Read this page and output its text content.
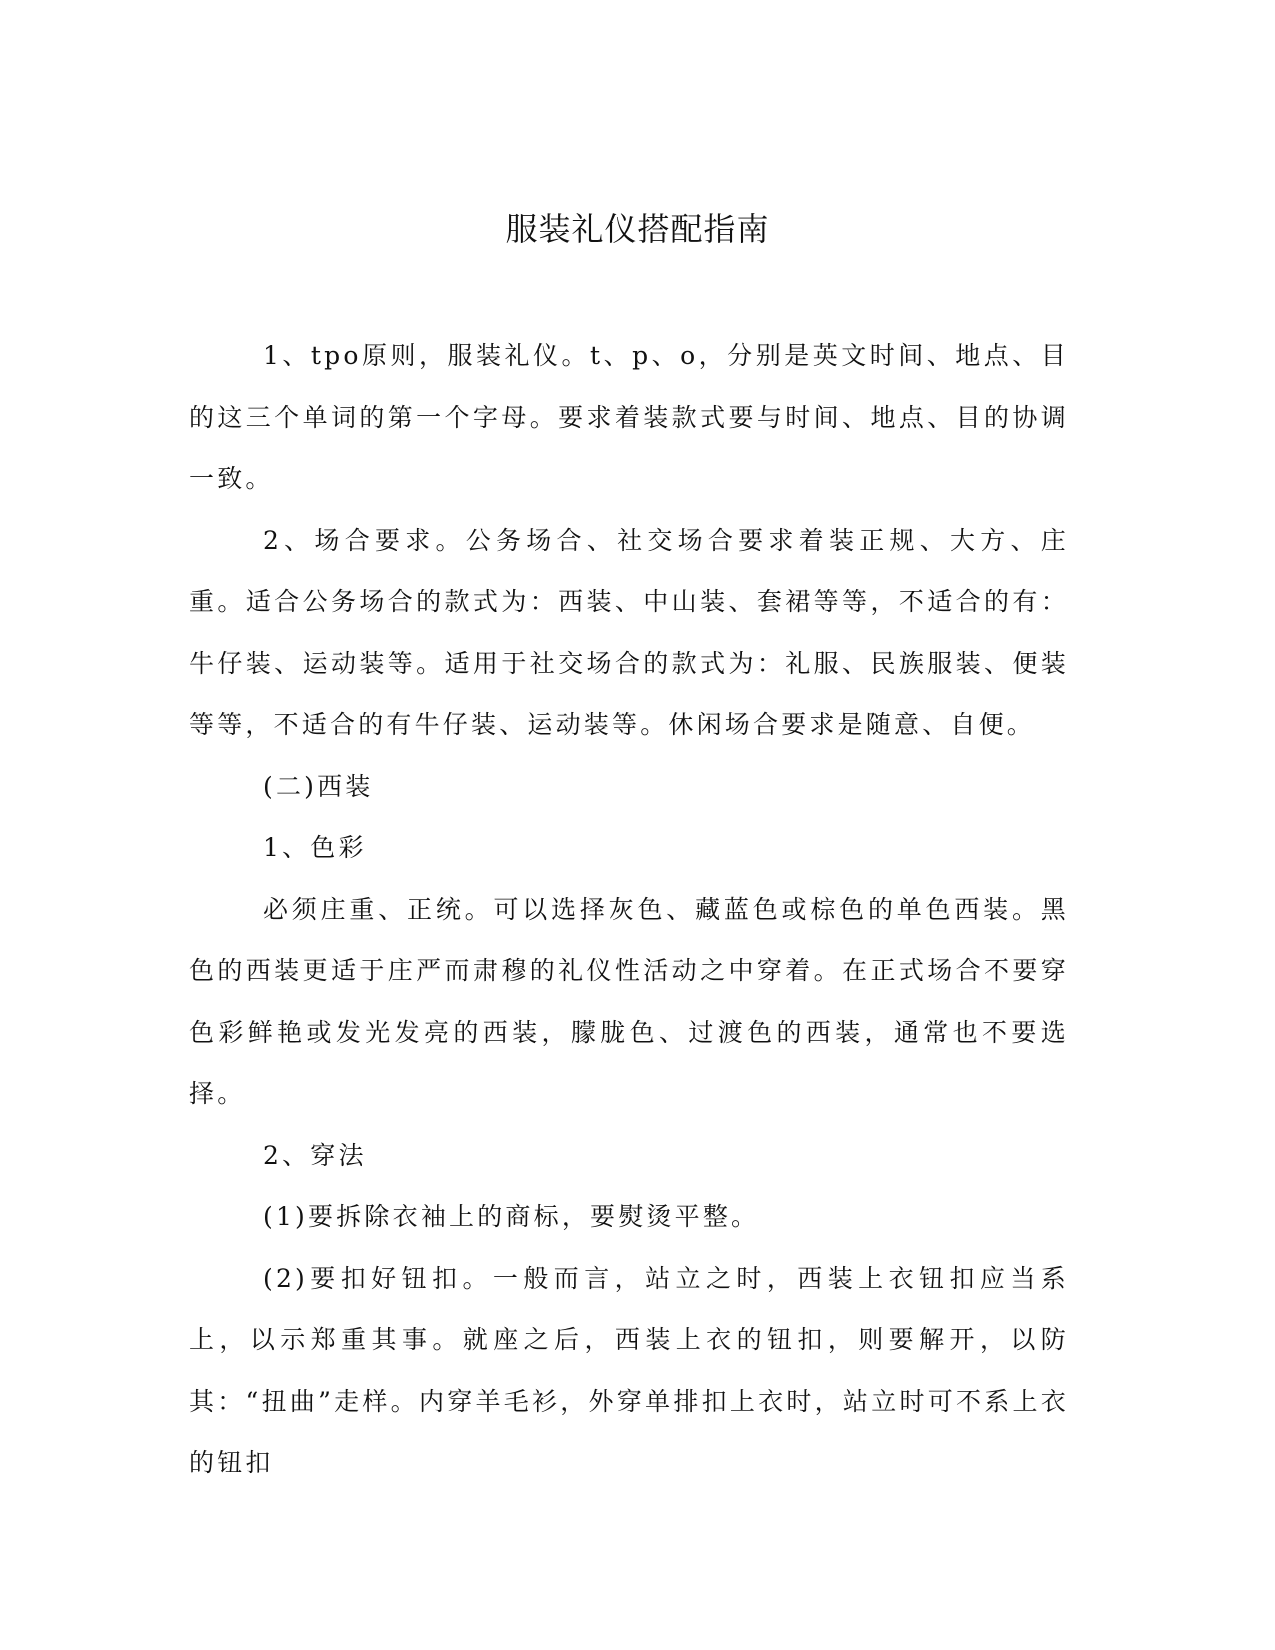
服装礼仪搭配指南

1、tpo原则，服装礼仪。t、p、o，分别是英文时间、地点、目的这三个单词的第一个字母。要求着装款式要与时间、地点、目的协调一致。

2、场合要求。公务场合、社交场合要求着装正规、大方、庄重。适合公务场合的款式为：西装、中山装、套裙等等，不适合的有：牛仔装、运动装等。适用于社交场合的款式为：礼服、民族服装、便装等等，不适合的有牛仔装、运动装等。休闲场合要求是随意、自便。

(二)西装

1、色彩

必须庄重、正统。可以选择灰色、藏蓝色或棕色的单色西装。黑色的西装更适于庄严而肃穆的礼仪性活动之中穿着。在正式场合不要穿色彩鲜艳或发光发亮的西装，朦胧色、过渡色的西装，通常也不要选择。

2、穿法

(1)要拆除衣袖上的商标，要熨烫平整。

(2)要扣好钮扣。一般而言，站立之时，西装上衣钮扣应当系上，以示郑重其事。就座之后，西装上衣的钮扣，则要解开，以防其：“扭曲”走样。内穿羊毛衫，外穿单排扣上衣时，站立时可不系上衣的钮扣
